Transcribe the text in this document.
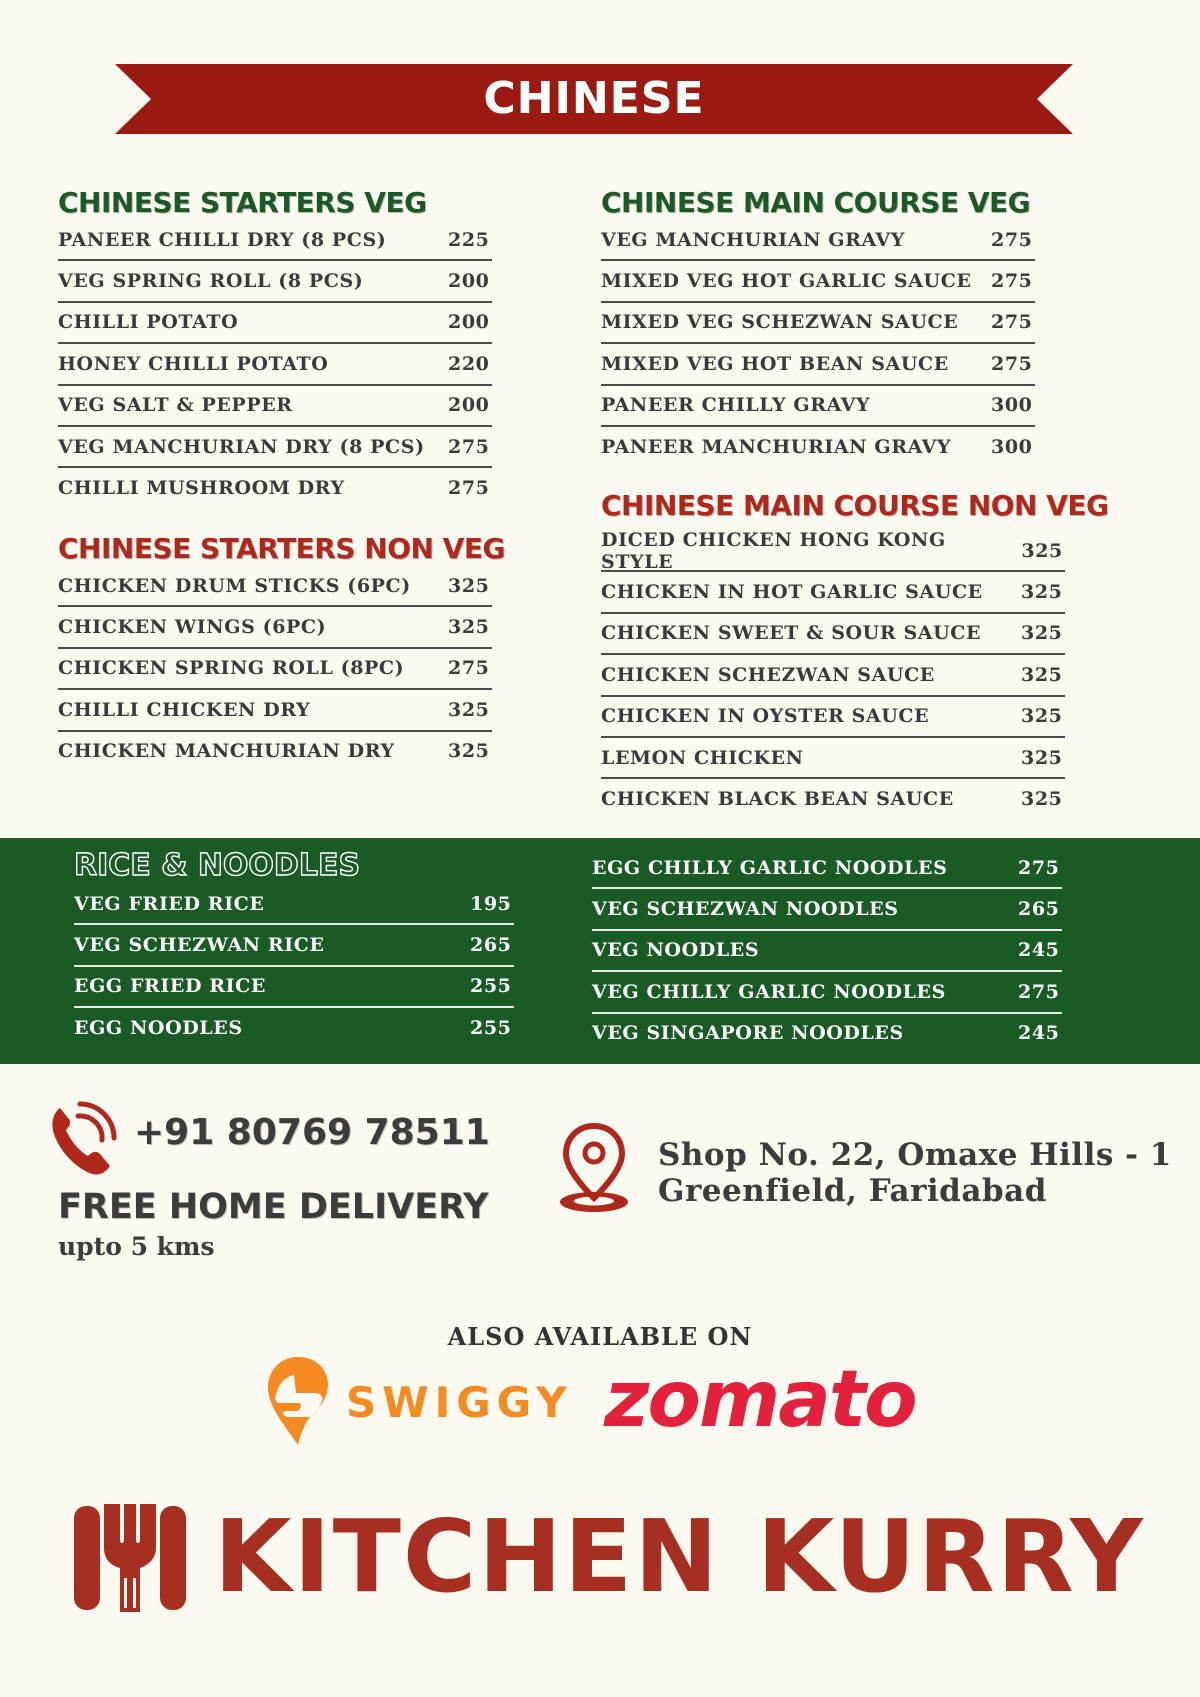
CHINESE
CHINESE STARTERS VEG
PANEER CHILLI DRY (8 PCS)	225
VEG SPRING ROLL (8 PCS)	200
CHILLI POTATO	200
HONEY CHILLI POTATO	220
VEG SALT & PEPPER	200
VEG MANCHURIAN DRY (8 PCS) 275
CHILLI MUSHROOM DRY	275
CHINESE STARTERS NON VEG
CHICKEN DRUM STICKS (6PC) 325
CHICKEN WINGS (6PC)	325
CHICKEN SPRING ROLL (8PC) 275
CHILLI CHICKEN DRY	325
CHICKEN MANCHURIAN DRY	325
CHINESE MAIN COURSE VEG
VEG MANCHURIAN GRAVY	275
MIXED VEG HOT GARLIC SAUCE 275
MIXED VEG SCHEZWAN SAUCE 275
MIXED VEG HOT BEAN SAUCE 275
PANEER CHILLY GRAVY	300
PANEER MANCHURIAN GRAVY 300
CHINESE MAIN COURSE NON VEG
DICED CHICKEN HONG KONG STYLE
325
CHICKEN IN HOT GARLIC SAUCE 325
CHICKEN SWEET & SOUR SAUCE 325
CHICKEN SCHEZWAN SAUCE	325
CHICKEN IN OYSTER SAUCE	325
LEMON CHICKEN	325
CHICKEN BLACK BEAN SAUCE	325
RICE & NOODLES
VEG FRIED RICE	195
VEG SCHEZWAN RICE	265
EGG FRIED RICE	255
EGG NOODLES	255
EGG CHILLY GARLIC NOODLES	275
VEG SCHEZWAN NOODLES	265
VEG NOODLES	245
VEG CHILLY GARLIC NOODLES	275
VEG SINGAPORE NOODLES	245
+91 80769 78511
FREE HOME DELIVERY
upto 5 kms
Shop No. 22, Omaxe Hills - 1
Greenfield, Faridabad
ALSO AVAILABLE ON
SWIGGY zomato
KITCHEN KURRY
